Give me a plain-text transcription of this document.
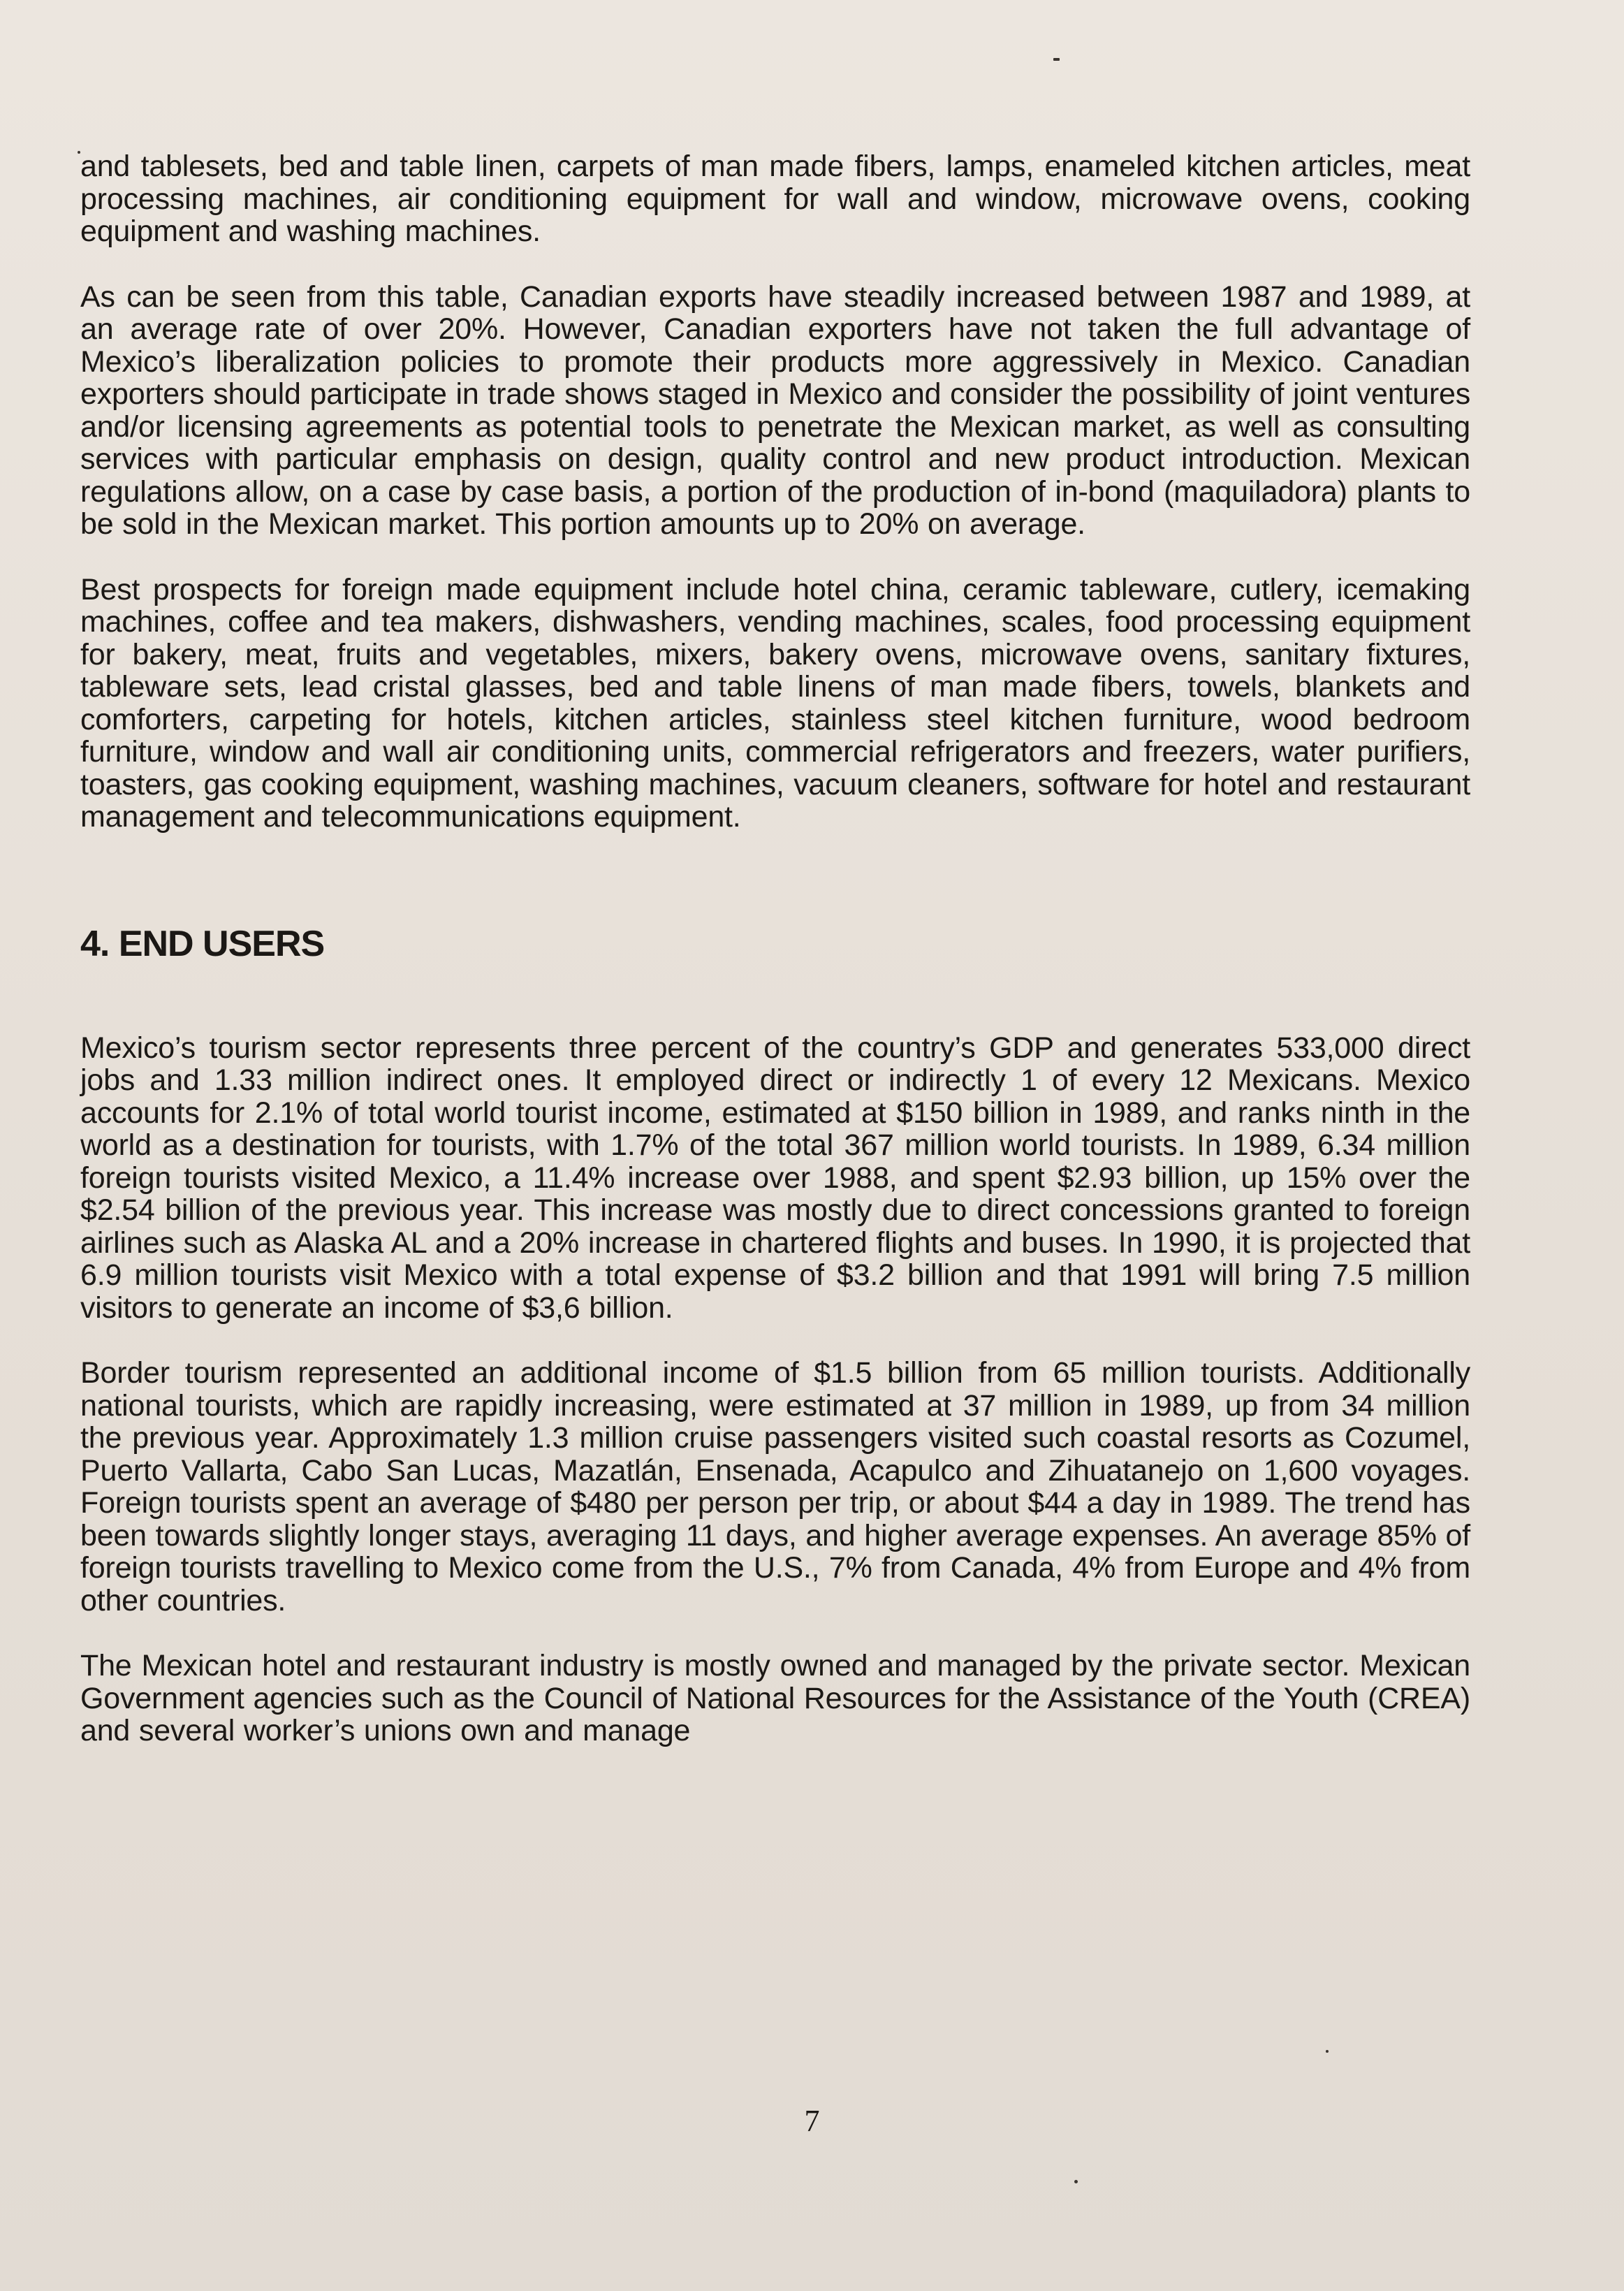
and tablesets, bed and table linen, carpets of man made fibers, lamps, enameled kitchen articles, meat processing machines, air conditioning equipment for wall and window, microwave ovens, cooking equipment and washing machines.

As can be seen from this table, Canadian exports have steadily increased between 1987 and 1989, at an average rate of over 20%. However, Canadian exporters have not taken the full advantage of Mexico’s liberalization policies to promote their products more aggressively in Mexico. Canadian exporters should participate in trade shows staged in Mexico and consider the possibility of joint ventures and/or licensing agreements as potential tools to penetrate the Mexican market, as well as consulting services with particular emphasis on design, quality control and new product introduction. Mexican regulations allow, on a case by case basis, a portion of the production of in-bond (maquiladora) plants to be sold in the Mexican market. This portion amounts up to 20% on average.

Best prospects for foreign made equipment include hotel china, ceramic tableware, cutlery, icemaking machines, coffee and tea makers, dishwashers, vending machines, scales, food processing equipment for bakery, meat, fruits and vegetables, mixers, bakery ovens, microwave ovens, sanitary fixtures, tableware sets, lead cristal glasses, bed and table linens of man made fibers, towels, blankets and comforters, carpeting for hotels, kitchen articles, stainless steel kitchen furniture, wood bedroom furniture, window and wall air conditioning units, commercial refrigerators and freezers, water purifiers, toasters, gas cooking equipment, washing machines, vacuum cleaners, software for hotel and restaurant management and telecommunications equipment.

4. END USERS

Mexico’s tourism sector represents three percent of the country’s GDP and generates 533,000 direct jobs and 1.33 million indirect ones. It employed direct or indirectly 1 of every 12 Mexicans. Mexico accounts for 2.1% of total world tourist income, estimated at $150 billion in 1989, and ranks ninth in the world as a destination for tourists, with 1.7% of the total 367 million world tourists. In 1989, 6.34 million foreign tourists visited Mexico, a 11.4% increase over 1988, and spent $2.93 billion, up 15% over the $2.54 billion of the previous year. This increase was mostly due to direct concessions granted to foreign airlines such as Alaska AL and a 20% increase in chartered flights and buses. In 1990, it is projected that 6.9 million tourists visit Mexico with a total expense of $3.2 billion and that 1991 will bring 7.5 million visitors to generate an income of $3,6 billion.

Border tourism represented an additional income of $1.5 billion from 65 million tourists. Additionally national tourists, which are rapidly increasing, were estimated at 37 million in 1989, up from 34 million the previous year. Approximately 1.3 million cruise passengers visited such coastal resorts as Cozumel, Puerto Vallarta, Cabo San Lucas, Mazatlán, Ensenada, Acapulco and Zihuatanejo on 1,600 voyages. Foreign tourists spent an average of $480 per person per trip, or about $44 a day in 1989. The trend has been towards slightly longer stays, averaging 11 days, and higher average expenses. An average 85% of foreign tourists travelling to Mexico come from the U.S., 7% from Canada, 4% from Europe and 4% from other countries.

The Mexican hotel and restaurant industry is mostly owned and managed by the private sector. Mexican Government agencies such as the Council of National Resources for the Assistance of the Youth (CREA) and several worker’s unions own and manage

7
